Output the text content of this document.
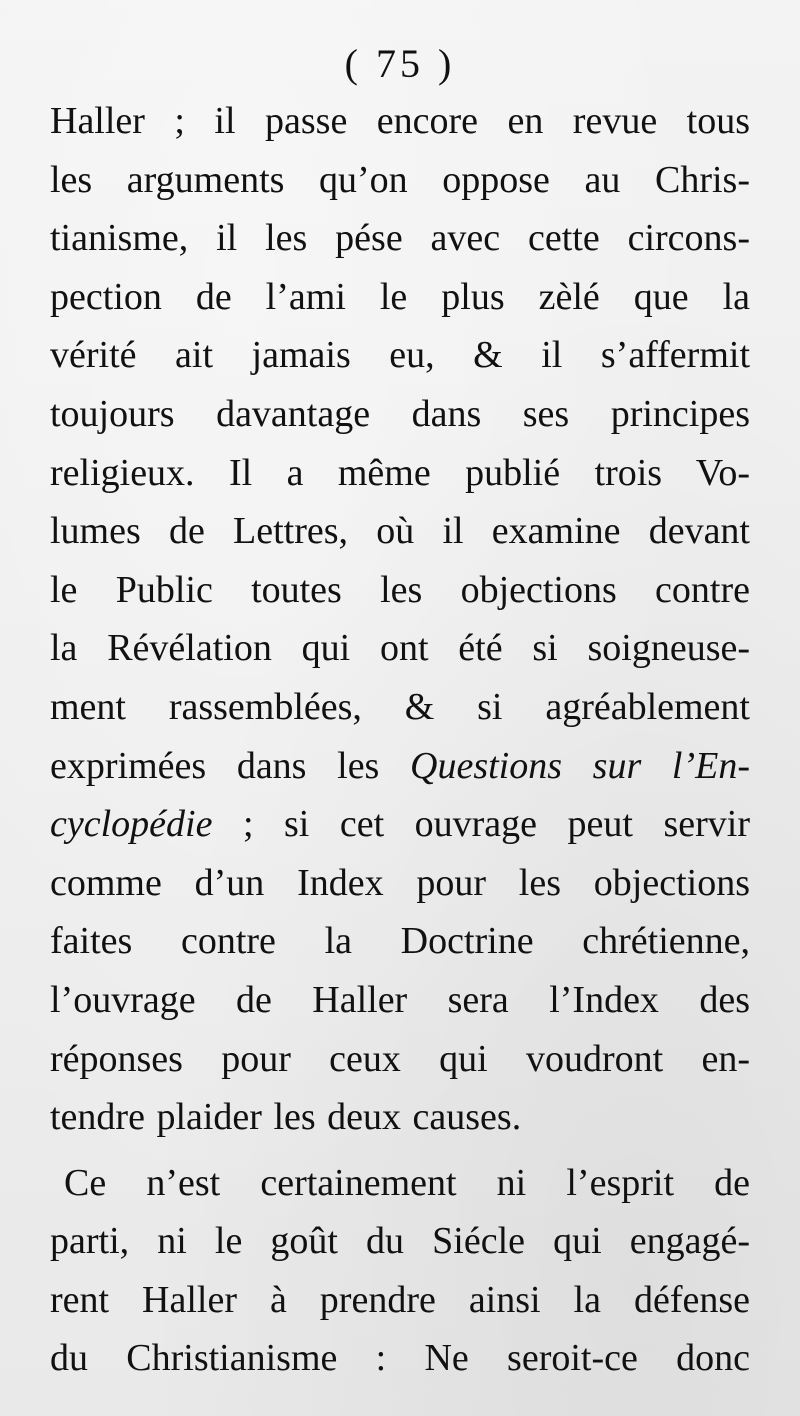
( 75 )
Haller ; il passe encore en revue tous
les arguments qu’on oppose au Chris-
tianisme, il les pése avec cette circons-
pection de l’ami le plus zèlé que la
vérité ait jamais eu, & il s’affermit
toujours davantage dans ses principes
religieux. Il a même publié trois Vo-
lumes de Lettres, où il examine devant
le Public toutes les objections contre
la Révélation qui ont été si soigneuse-
ment rassemblées, & si agréablement
exprimées dans les Questions sur l’En-
cyclopédie ; si cet ouvrage peut servir
comme d’un Index pour les objections
faites contre la Doctrine chrétienne,
l’ouvrage de Haller sera l’Index des
réponses pour ceux qui voudront en-
tendre plaider les deux causes.
Ce n’est certainement ni l’esprit de
parti, ni le goût du Siécle qui engagé-
rent Haller à prendre ainsi la défense
du Christianisme : Ne seroit-ce donc
